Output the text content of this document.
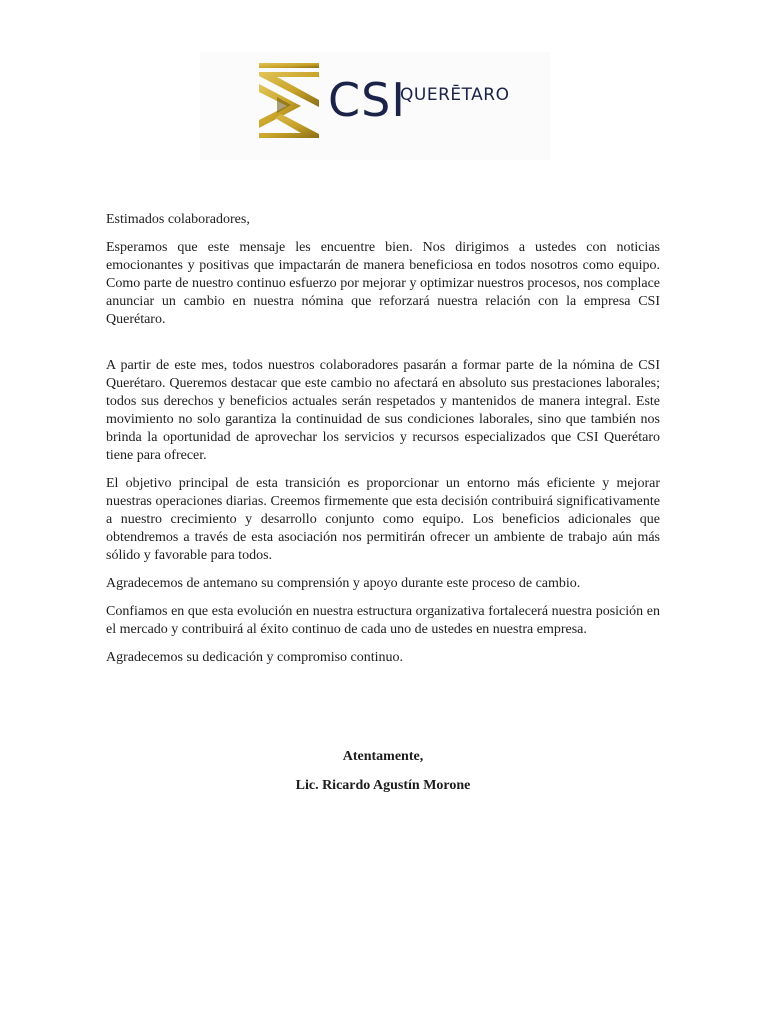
CSI
QUERĒTARO

Estimados colaboradores,

Esperamos que este mensaje les encuentre bien. Nos dirigimos a ustedes con noticias emocionantes y positivas que impactarán de manera beneficiosa en todos nosotros como equipo. Como parte de nuestro continuo esfuerzo por mejorar y optimizar nuestros procesos, nos complace anunciar un cambio en nuestra nómina que reforzará nuestra relación con la empresa CSI Querétaro.

A partir de este mes, todos nuestros colaboradores pasarán a formar parte de la nómina de CSI Querétaro. Queremos destacar que este cambio no afectará en absoluto sus prestaciones laborales; todos sus derechos y beneficios actuales serán respetados y mantenidos de manera integral. Este movimiento no solo garantiza la continuidad de sus condiciones laborales, sino que también nos brinda la oportunidad de aprovechar los servicios y recursos especializados que CSI Querétaro tiene para ofrecer.

El objetivo principal de esta transición es proporcionar un entorno más eficiente y mejorar nuestras operaciones diarias. Creemos firmemente que esta decisión contribuirá significativamente a nuestro crecimiento y desarrollo conjunto como equipo. Los beneficios adicionales que obtendremos a través de esta asociación nos permitirán ofrecer un ambiente de trabajo aún más sólido y favorable para todos.

Agradecemos de antemano su comprensión y apoyo durante este proceso de cambio.

Confiamos en que esta evolución en nuestra estructura organizativa fortalecerá nuestra posición en el mercado y contribuirá al éxito continuo de cada uno de ustedes en nuestra empresa.

Agradecemos su dedicación y compromiso continuo.

Atentamente,

Lic. Ricardo Agustín Morone
